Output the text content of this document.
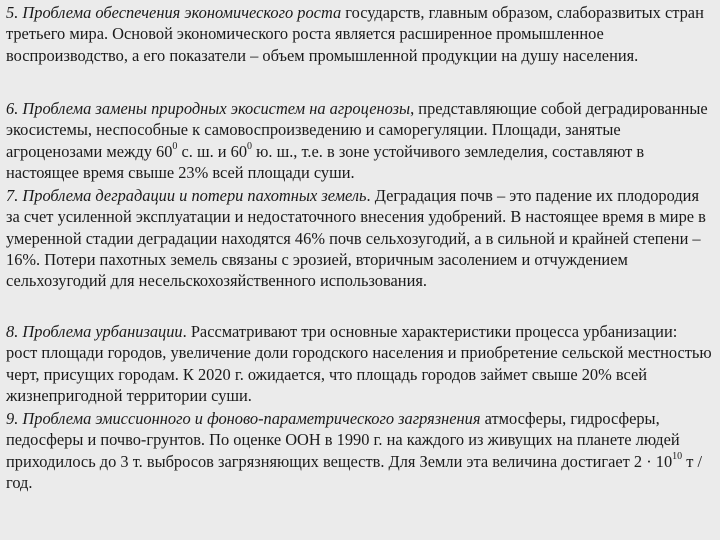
5. Проблема обеспечения экономического роста государств, главным образом, слаборазвитых стран третьего мира. Основой экономического роста является расширенное промышленное воспроизводство, а его показатели – объем промышленной продукции на душу населения.

6. Проблема замены природных экосистем на агроценозы, представляющие собой деградированные экосистемы, неспособные к самовоспроизведению и саморегуляции. Площади, занятые агроценозами между $60^0$ с. ш. и $60^0$ ю. ш., т.е. в зоне устойчивого земледелия, составляют в настоящее время свыше 23% всей площади суши.

7. Проблема деградации и потери пахотных земель. Деградация почв – это падение их плодородия за счет усиленной эксплуатации и недостаточного внесения удобрений. В настоящее время в мире в умеренной стадии деградации находятся 46% почв сельхозугодий, а в сильной и крайней степени – 16%. Потери пахотных земель связаны с эрозией, вторичным засолением и отчуждением сельхозугодий для несельскохозяйственного использования.

8. Проблема урбанизации. Рассматривают три основные характеристики процесса урбанизации: рост площади городов, увеличение доли городского населения и приобретение сельской местностью черт, присущих городам. К 2020 г. ожидается, что площадь городов займет свыше 20% всей жизнепригодной территории суши.

9. Проблема эмиссионного и фоново-параметрического загрязнения атмосферы, гидросферы, педосферы и почво-грунтов. По оценке ООН в 1990 г. на каждого из живущих на планете людей приходилось до 3 т. выбросов загрязняющих веществ. Для Земли эта величина достигает $2 \cdot 10^{10}$ т / год.
